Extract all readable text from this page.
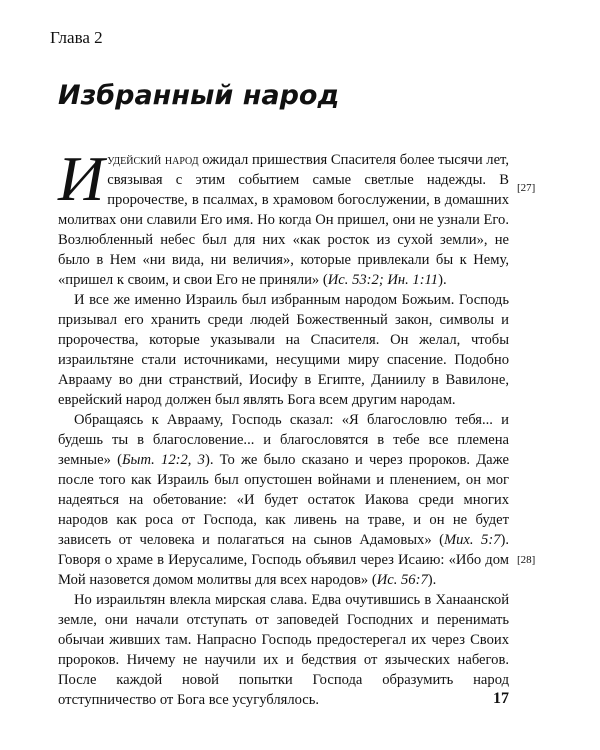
Глава 2
Избранный народ

Иудейский народ ожидал пришествия Спасителя более тысячи лет, связывая с этим событием самые светлые надежды. В пророчестве, в псалмах, в храмовом богослужении, в домашних молитвах они славили Его имя. Но когда Он пришел, они не узнали Его. Возлюбленный небес был для них «как росток из сухой земли», не было в Нем «ни вида, ни величия», которые привлекали бы к Нему, «пришел к своим, и свои Его не приняли» (Ис. 53:2; Ин. 1:11).

И все же именно Израиль был избранным народом Божьим. Господь призывал его хранить среди людей Божественный закон, символы и пророчества, которые указывали на Спасителя. Он желал, чтобы израильтяне стали источниками, несущими миру спасение. Подобно Аврааму во дни странствий, Иосифу в Египте, Даниилу в Вавилоне, еврейский народ должен был являть Бога всем другим народам.

Обращаясь к Аврааму, Господь сказал: «Я благословлю тебя... и будешь ты в благословение... и благословятся в тебе все племена земные» (Быт. 12:2, 3). То же было сказано и через пророков. Даже после того как Израиль был опустошен войнами и пленением, он мог надеяться на обетование: «И будет остаток Иакова среди многих народов как роса от Господа, как ливень на траве, и он не будет зависеть от человека и полагаться на сынов Адамовых» (Мих. 5:7). Говоря о храме в Иерусалиме, Господь объявил через Исаию: «Ибо дом Мой назовется домом молитвы для всех народов» (Ис. 56:7).

Но израильтян влекла мирская слава. Едва очутившись в Ханаанской земле, они начали отступать от заповедей Господних и перенимать обычаи живших там. Напрасно Господь предостерегал их через Своих пророков. Ничему не научили их и бедствия от языческих набегов. После каждой новой попытки Господа образумить народ отступничество от Бога все усугублялось.

[27]
[28]
17
